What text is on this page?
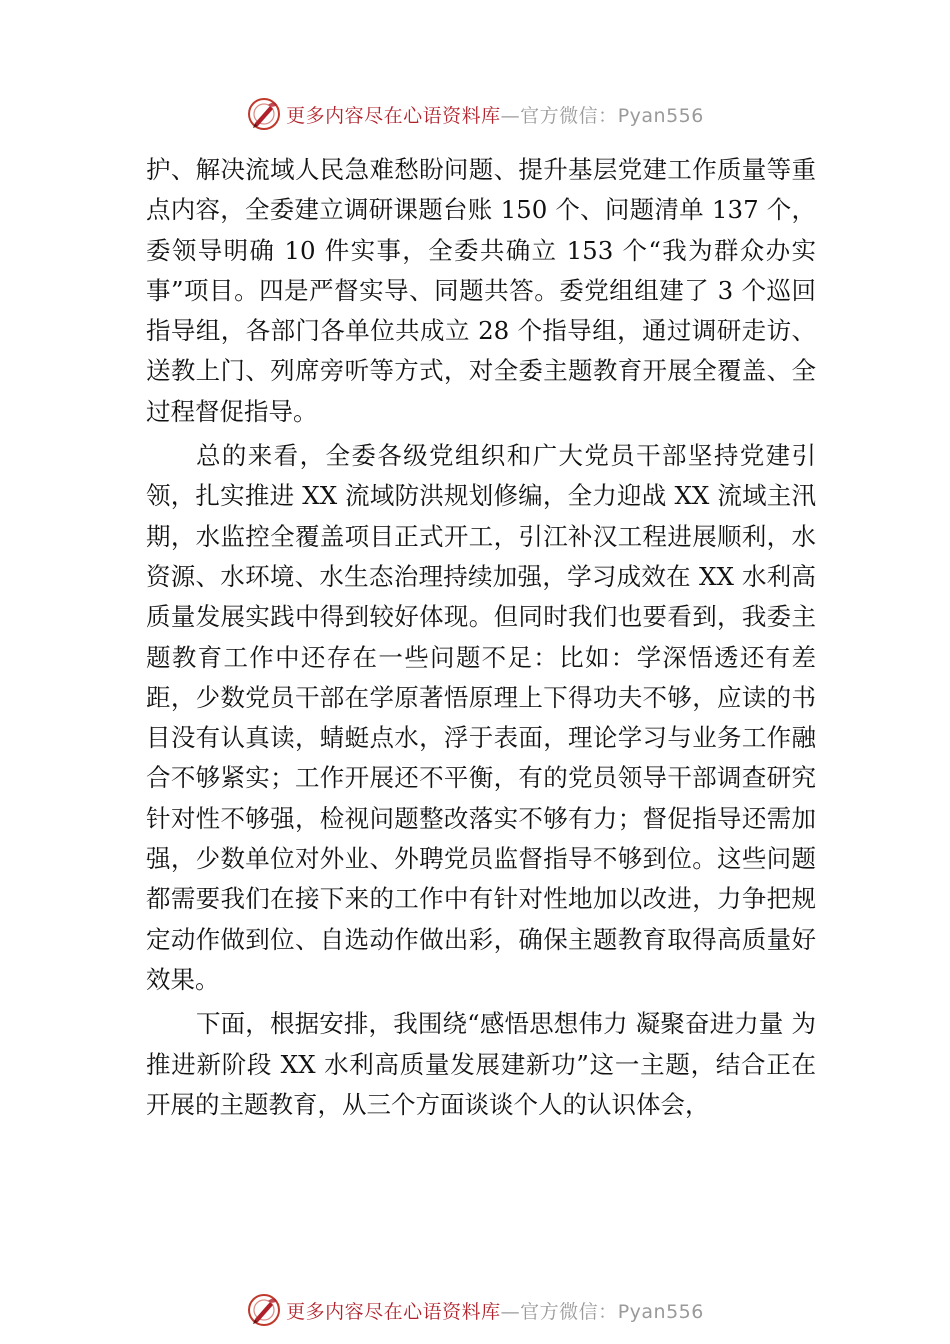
更多内容尽在心语资料库—官方微信：Pyan556

护、解决流域人民急难愁盼问题、提升基层党建工作质量等重点内容，全委建立调研课题台账 150 个、问题清单 137 个，委领导明确 10 件实事，全委共确立 153 个“我为群众办实事”项目。四是严督实导、同题共答。委党组组建了 3 个巡回指导组，各部门各单位共成立 28 个指导组，通过调研走访、送教上门、列席旁听等方式，对全委主题教育开展全覆盖、全过程督促指导。

总的来看，全委各级党组织和广大党员干部坚持党建引领，扎实推进 XX 流域防洪规划修编，全力迎战 XX 流域主汛期，水监控全覆盖项目正式开工，引江补汉工程进展顺利，水资源、水环境、水生态治理持续加强，学习成效在 XX 水利高质量发展实践中得到较好体现。但同时我们也要看到，我委主题教育工作中还存在一些问题不足：比如：学深悟透还有差距，少数党员干部在学原著悟原理上下得功夫不够，应读的书目没有认真读，蜻蜓点水，浮于表面，理论学习与业务工作融合不够紧实；工作开展还不平衡，有的党员领导干部调查研究针对性不够强，检视问题整改落实不够有力；督促指导还需加强，少数单位对外业、外聘党员监督指导不够到位。这些问题都需要我们在接下来的工作中有针对性地加以改进，力争把规定动作做到位、自选动作做出彩，确保主题教育取得高质量好效果。

下面，根据安排，我围绕“感悟思想伟力 凝聚奋进力量 为推进新阶段 XX 水利高质量发展建新功”这一主题，结合正在开展的主题教育，从三个方面谈谈个人的认识体会，

更多内容尽在心语资料库—官方微信：Pyan556
